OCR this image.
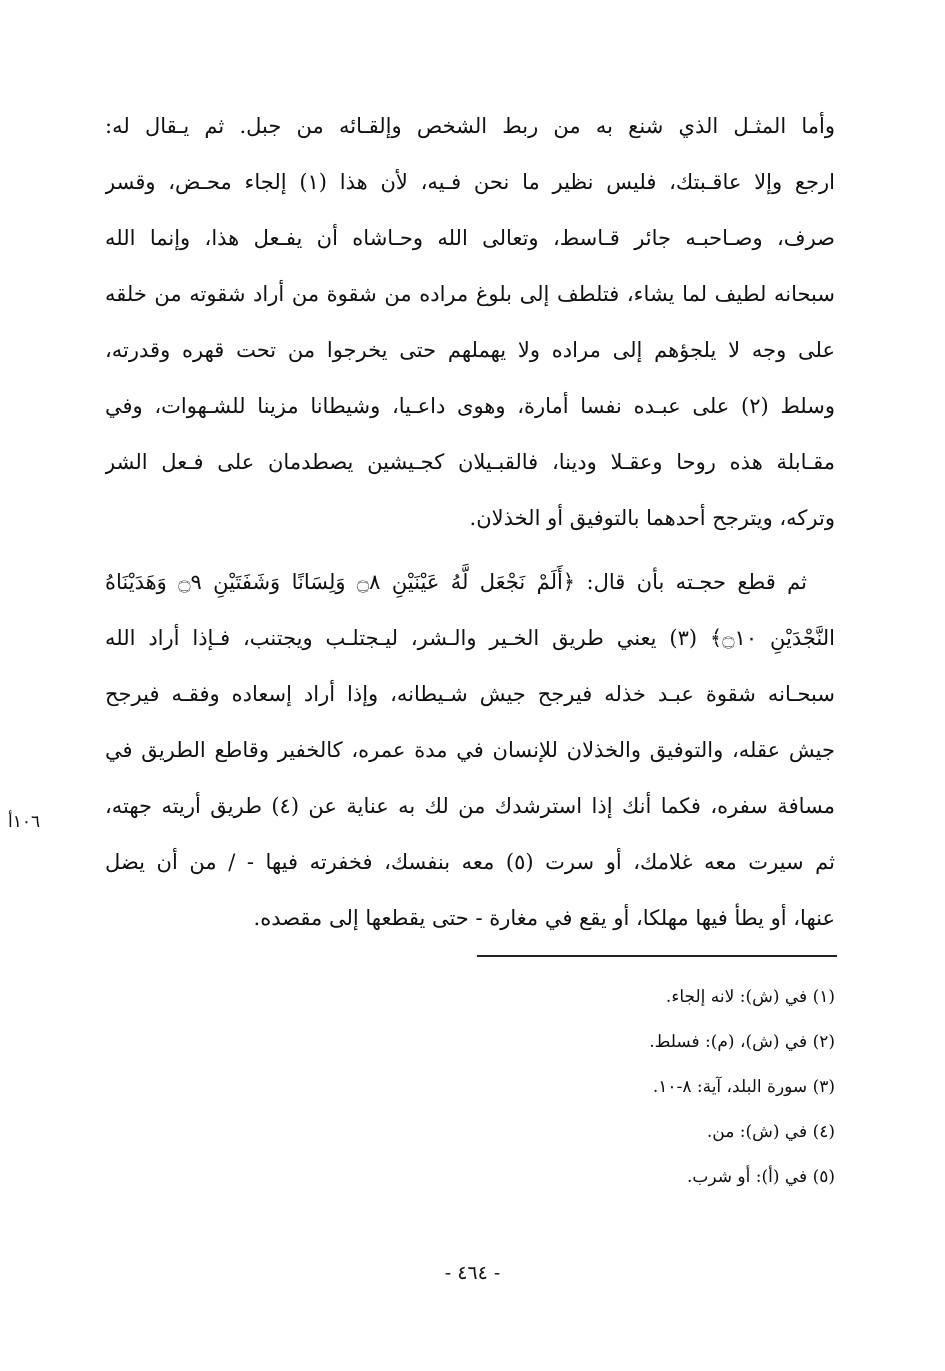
وأما المثـل الذي شنع به من ربط الشخص وإلقـائه من جبل. ثم يـقال له:
ارجع وإلا عاقـبتك، فليس نظير ما نحن فـيه، لأن هذا (١) إلجاء محـض، وقسر
صرف، وصـاحبـه جائر قـاسط، وتعالى الله وحـاشاه أن يفـعل هذا، وإنما الله
سبحانه لطيف لما يشاء، فتلطف إلى بلوغ مراده من شقوة من أراد شقوته من خلقه
على وجه لا يلجؤهم إلى مراده ولا يهملهم حتى يخرجوا من تحت قهره وقدرته،
وسلط (٢) على عبـده نفسا أمارة، وهوى داعـيا، وشيطانا مزينا للشـهوات، وفي
مقـابلة هذه روحا وعقـلا ودينا، فالقبـيلان كجـيشين يصطدمان على فـعل الشر
وتركه، ويترجح أحدهما بالتوفيق أو الخذلان.
ثم قطع حجـته بأن قال: ﴿أَلَمْ نَجْعَل لَّهُ عَيْنَيْنِ ۝٨ وَلِسَانًا وَشَفَتَيْنِ ۝٩ وَهَدَيْنَاهُ
النَّجْدَيْنِ ۝١٠﴾ (٣) يعني طريق الخـير والـشر، ليـجتلـب ويجتنب، فـإذا أراد الله
سبحـانه شقوة عبـد خذله فيرجح جيش شـيطانه، وإذا أراد إسعاده وفقـه فيرجح
جيش عقله، والتوفيق والخذلان للإنسان في مدة عمره، كالخفير وقاطع الطريق في
مسافة سفره، فكما أنك إذا استرشدك من لك به عناية عن (٤) طريق أريته جهته،
ثم سيرت معه غلامك، أو سرت (٥) معه بنفسك، فخفرته فيها - / من أن يضل
عنها، أو يطأ فيها مهلكا، أو يقع في مغارة - حتى يقطعها إلى مقصده.
١٠٦أ
(١) في (ش): لانه إلجاء.
(٢) في (ش)، (م): فسلط.
(٣) سورة البلد، آية: ٨-١٠.
(٤) في (ش): من.
(٥) في (أ): أو شرب.
- ٤٦٤ -
